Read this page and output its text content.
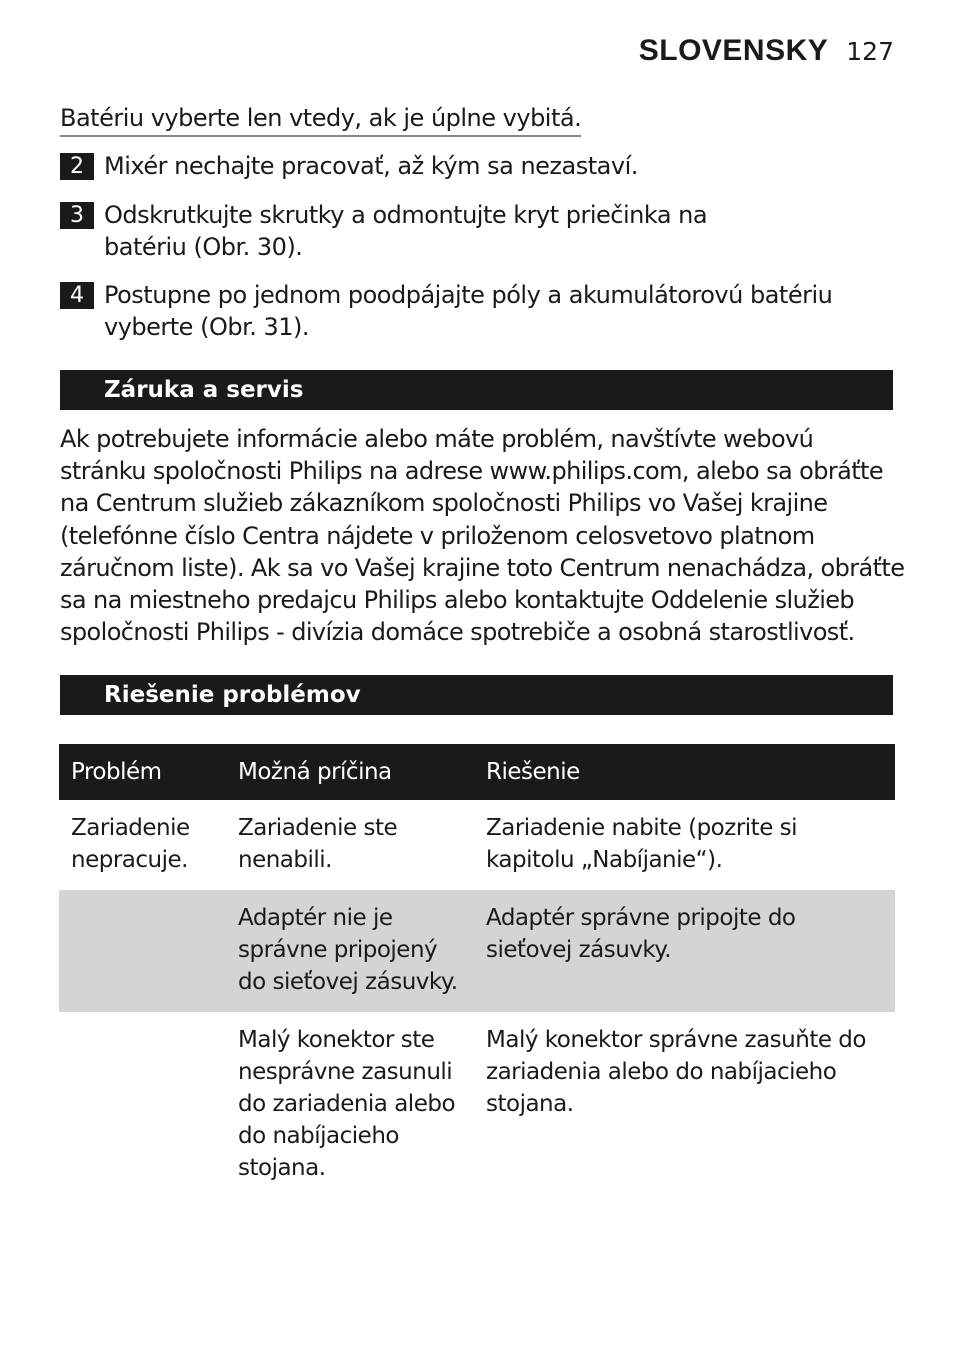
SLOVENSKY 127
Batériu vyberte len vtedy, ak je úplne vybitá.
2 Mixér nechajte pracovať, až kým sa nezastaví.
3 Odskrutkujte skrutky a odmontujte kryt priečinka na batériu (Obr. 30).
4 Postupne po jednom poodpájajte póly a akumulátorovú batériu vyberte (Obr. 31).
Záruka a servis
Ak potrebujete informácie alebo máte problém, navštívte webovú stránku spoločnosti Philips na adrese www.philips.com, alebo sa obráťte na Centrum služieb zákazníkom spoločnosti Philips vo Vašej krajine (telefónne číslo Centra nájdete v priloženom celosvetovo platnom záručnom liste). Ak sa vo Vašej krajine toto Centrum nenachádza, obráťte sa na miestneho predajcu Philips alebo kontaktujte Oddelenie služieb spoločnosti Philips - divízia domáce spotrebiče a osobná starostlivosť.
Riešenie problémov
Problém	Možná príčina	Riešenie
Zariadenie nepracuje.	Zariadenie ste nenabili.	Zariadenie nabite (pozrite si kapitolu „Nabíjanie“).
	Adaptér nie je správne pripojený do sieťovej zásuvky.	Adaptér správne pripojte do sieťovej zásuvky.
	Malý konektor ste nesprávne zasunuli do zariadenia alebo do nabíjacieho stojana.	Malý konektor správne zasuňte do zariadenia alebo do nabíjacieho stojana.
